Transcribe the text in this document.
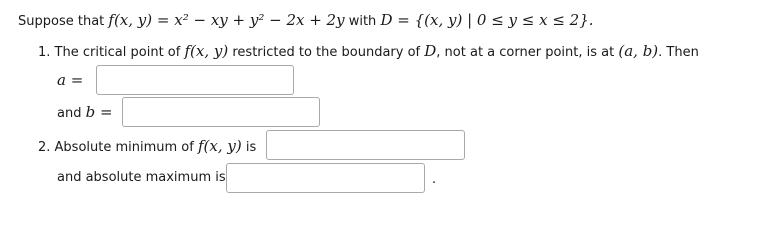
Suppose that f(x, y) = x² − xy + y² − 2x + 2y with D = {(x, y) | 0 ≤ y ≤ x ≤ 2}.
1. The critical point of f(x, y) restricted to the boundary of D, not at a corner point, is at (a, b). Then
a =
and b =
2. Absolute minimum of f(x, y) is
and absolute maximum is	.
